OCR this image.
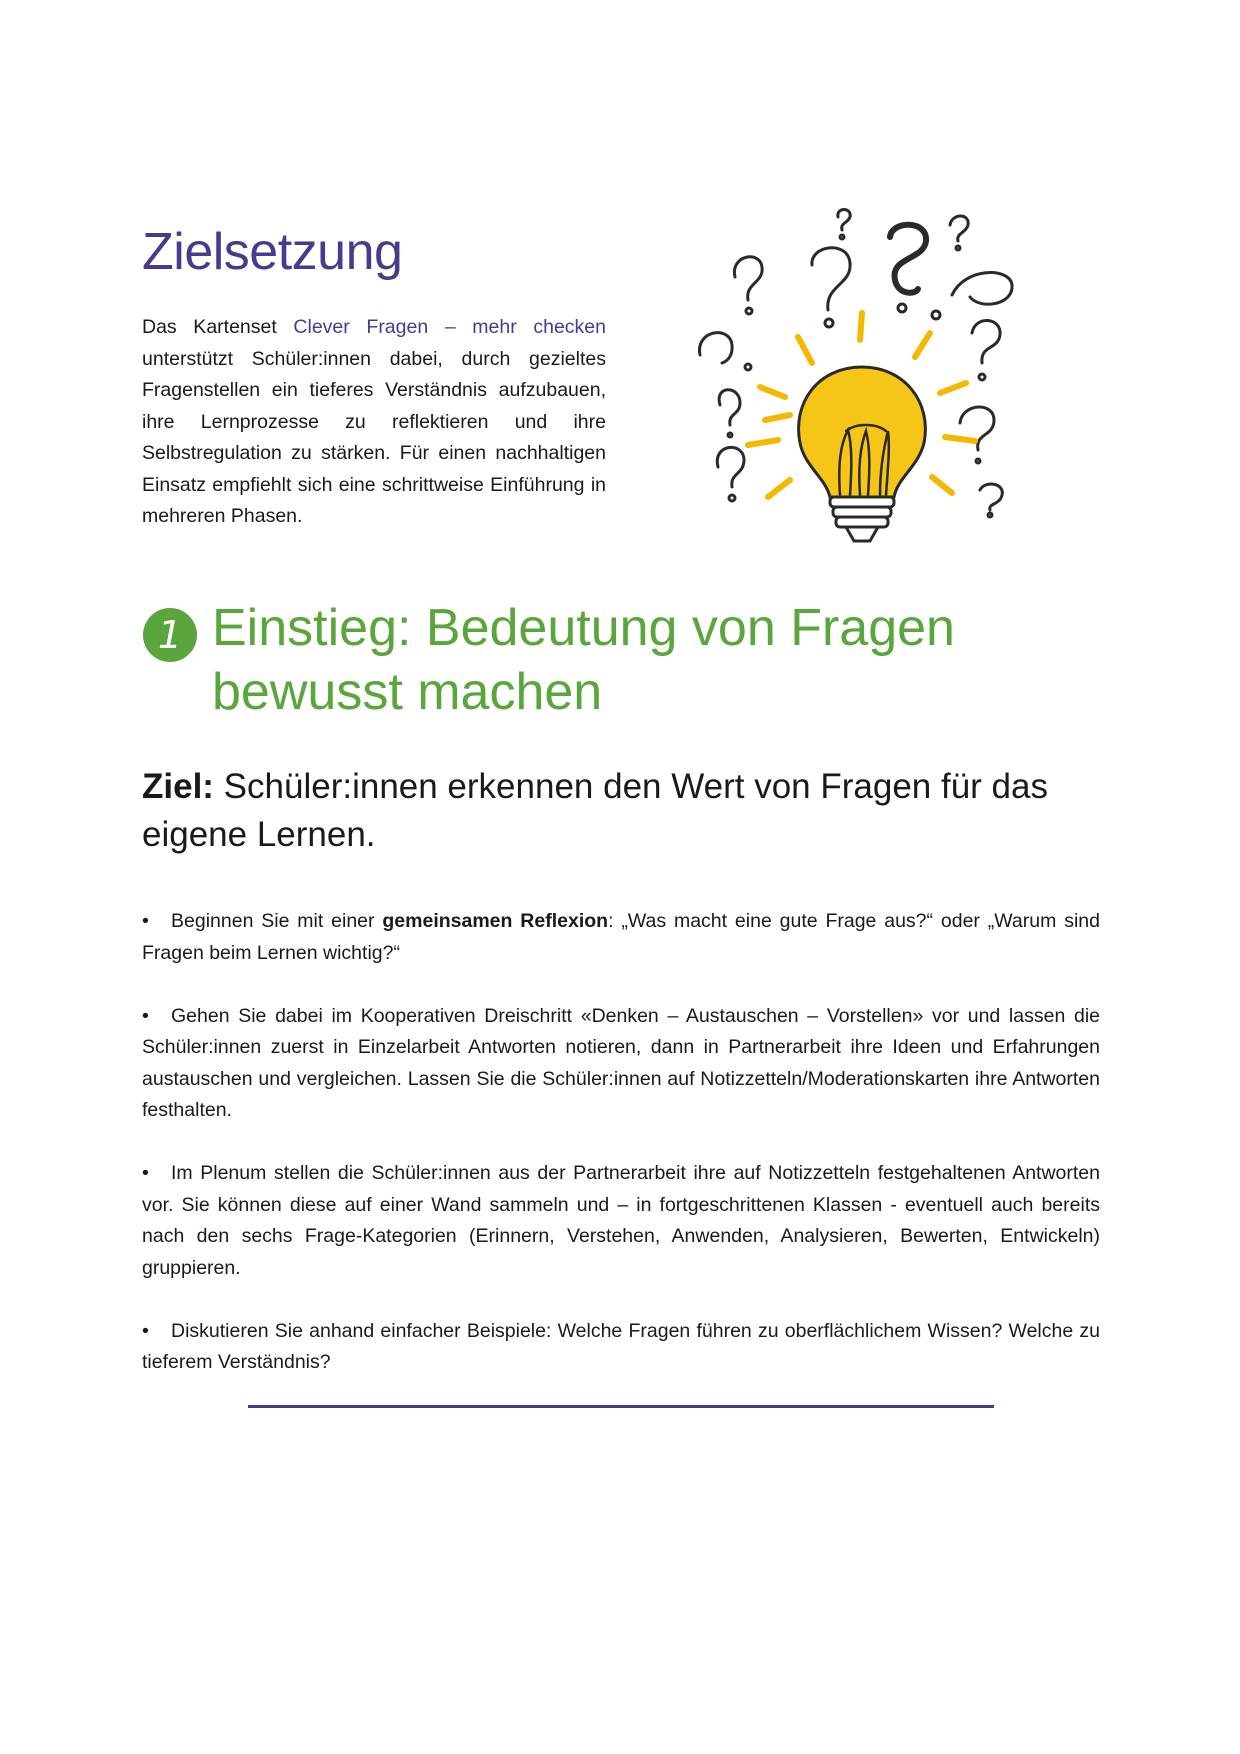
Zielsetzung

Das Kartenset Clever Fragen – mehr checken unterstützt Schüler:innen dabei, durch gezieltes Fragenstellen ein tieferes Verständnis aufzubauen, ihre Lernprozesse zu reflektieren und ihre Selbstregulation zu stärken. Für einen nachhaltigen Einsatz empfiehlt sich eine schrittweise Einführung in mehreren Phasen.

1 Einstieg: Bedeutung von Fragen bewusst machen

Ziel: Schüler:innen erkennen den Wert von Fragen für das eigene Lernen.

• Beginnen Sie mit einer gemeinsamen Reflexion: „Was macht eine gute Frage aus?“ oder „Warum sind Fragen beim Lernen wichtig?“
• Gehen Sie dabei im Kooperativen Dreischritt «Denken – Austauschen – Vorstellen» vor und lassen die Schüler:innen zuerst in Einzelarbeit Antworten notieren, dann in Partnerarbeit ihre Ideen und Erfahrungen austauschen und vergleichen. Lassen Sie die Schüler:innen auf Notizzetteln/Moderationskarten ihre Antworten festhalten.
• Im Plenum stellen die Schüler:innen aus der Partnerarbeit ihre auf Notizzetteln festgehaltenen Antworten vor. Sie können diese auf einer Wand sammeln und – in fortgeschrittenen Klassen - eventuell auch bereits nach den sechs Frage-Kategorien (Erinnern, Verstehen, Anwenden, Analysieren, Bewerten, Entwickeln) gruppieren.
• Diskutieren Sie anhand einfacher Beispiele: Welche Fragen führen zu oberflächlichem Wissen? Welche zu tieferem Verständnis?
